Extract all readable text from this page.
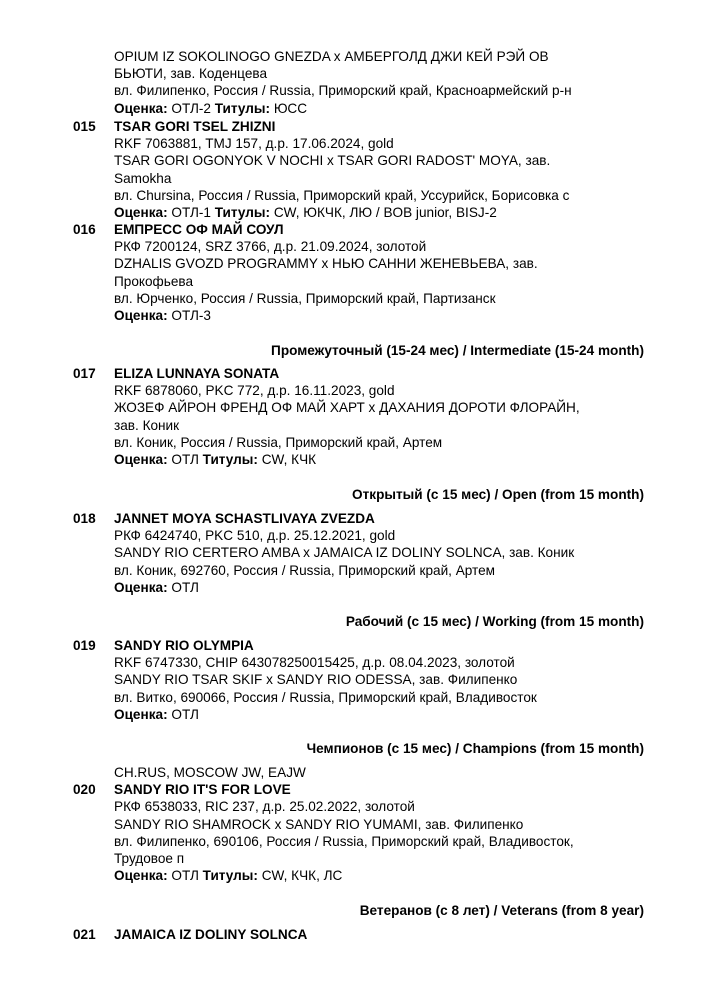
OPIUM IZ SOKOLINOGO GNEZDA x АМБЕРГОЛД ДЖИ КЕЙ РЭЙ ОВ
БЬЮТИ, зав. Коденцева
вл. Филипенко, Россия / Russia, Приморский край, Красноармейский р-н
Оценка: ОТЛ-2 Титулы: ЮСС
015 TSAR GORI TSEL ZHIZNI
RKF 7063881, TMJ 157, д.р. 17.06.2024, gold
TSAR GORI OGONYOK V NOCHI x TSAR GORI RADOST' MOYA, зав.
Samokha
вл. Chursina, Россия / Russia, Приморский край, Уссурийск, Борисовка с
Оценка: ОТЛ-1 Титулы: CW, ЮКЧК, ЛЮ / BOB junior, BISJ-2
016 ЕМПРЕСС ОФ МАЙ СОУЛ
РКФ 7200124, SRZ 3766, д.р. 21.09.2024, золотой
DZHALIS GVOZD PROGRAMMY x НЬЮ САННИ ЖЕНЕВЬЕВА, зав.
Прокофьева
вл. Юрченко, Россия / Russia, Приморский край, Партизанск
Оценка: ОТЛ-3
Промежуточный (15-24 мес) / Intermediate (15-24 month)
017 ELIZA LUNNAYA SONATA
RKF 6878060, PKC 772, д.р. 16.11.2023, gold
ЖОЗЕФ АЙРОН ФРЕНД ОФ МАЙ ХАРТ x ДАХАНИЯ ДОРОТИ ФЛОРАЙН,
зав. Коник
вл. Коник, Россия / Russia, Приморский край, Артем
Оценка: ОТЛ Титулы: CW, КЧК
Открытый (с 15 мес) / Open (from 15 month)
018 JANNET MOYA SCHASTLIVAYA ZVEZDA
РКФ 6424740, PKC 510, д.р. 25.12.2021, gold
SANDY RIO CERTERO AMBA x JAMAICA IZ DOLINY SOLNCA, зав. Коник
вл. Коник, 692760, Россия / Russia, Приморский край, Артем
Оценка: ОТЛ
Рабочий (с 15 мес) / Working (from 15 month)
019 SANDY RIO OLYMPIA
RKF 6747330, CHIP 643078250015425, д.р. 08.04.2023, золотой
SANDY RIO TSAR SKIF x SANDY RIO ODESSA, зав. Филипенко
вл. Витко, 690066, Россия / Russia, Приморский край, Владивосток
Оценка: ОТЛ
Чемпионов (с 15 мес) / Champions (from 15 month)
CH.RUS, MOSCOW JW, EAJW
020 SANDY RIO IT'S FOR LOVE
РКФ 6538033, RIC 237, д.р. 25.02.2022, золотой
SANDY RIO SHAMROCK x SANDY RIO YUMAMI, зав. Филипенко
вл. Филипенко, 690106, Россия / Russia, Приморский край, Владивосток,
Трудовое п
Оценка: ОТЛ Титулы: CW, КЧК, ЛС
Ветеранов (с 8 лет) / Veterans (from 8 year)
021 JAMAICA IZ DOLINY SOLNCA
